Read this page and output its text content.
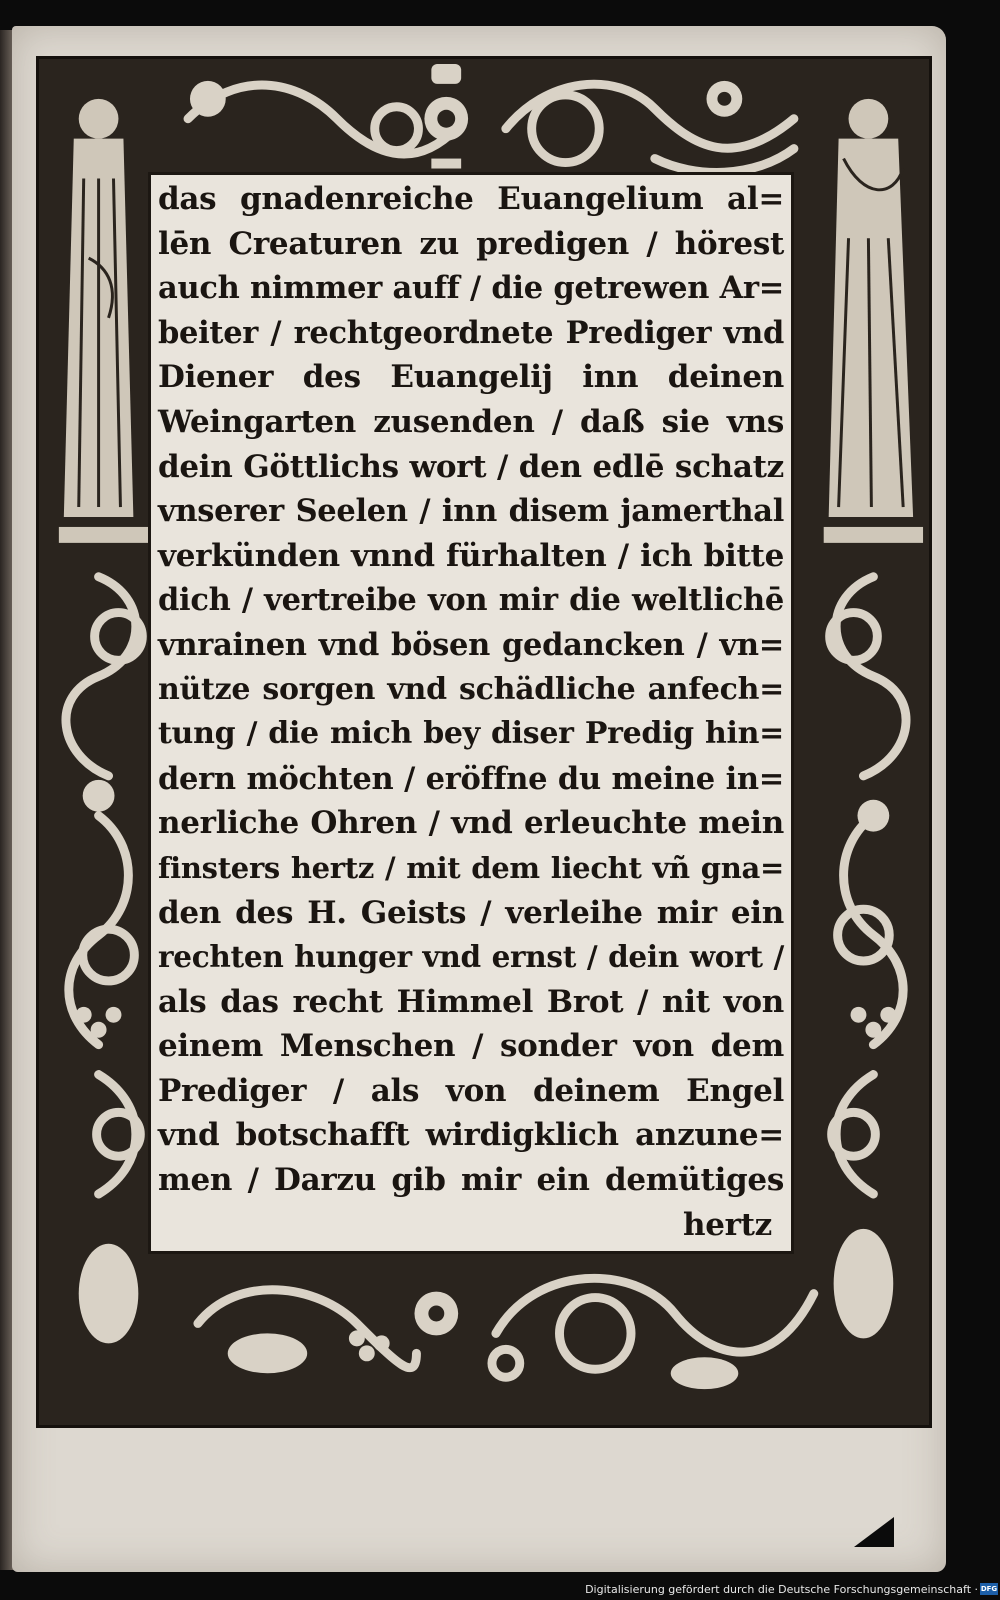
das gnadenreiche Euangelium al=
lēn Creaturen zu predigen / hörest
auch nimmer auff / die getrewen Ar=
beiter / rechtgeordnete Prediger vnd
Diener des Euangelij inn deinen
Weingarten zusenden / daß sie vns
dein Göttlichs wort / den edlē schatz
vnserer Seelen / inn disem jamerthal
verkünden vnnd fürhalten / ich bitte
dich / vertreibe von mir die weltlichē
vnrainen vnd bösen gedancken / vn=
nütze sorgen vnd schädliche anfech=
tung / die mich bey diser Predig hin=
dern möchten / eröffne du meine in=
nerliche Ohren / vnd erleuchte mein
finsters hertz / mit dem liecht vñ gna=
den des H. Geists / verleihe mir ein
rechten hunger vnd ernst / dein wort /
als das recht Himmel Brot / nit von
einem Menschen / sonder von dem
Prediger / als von deinem Engel
vnd botschafft wirdigklich anzune=
men / Darzu gib mir ein demütiges
hertz
Digitalisierung gefördert durch die Deutsche Forschungsgemeinschaft · DFG
